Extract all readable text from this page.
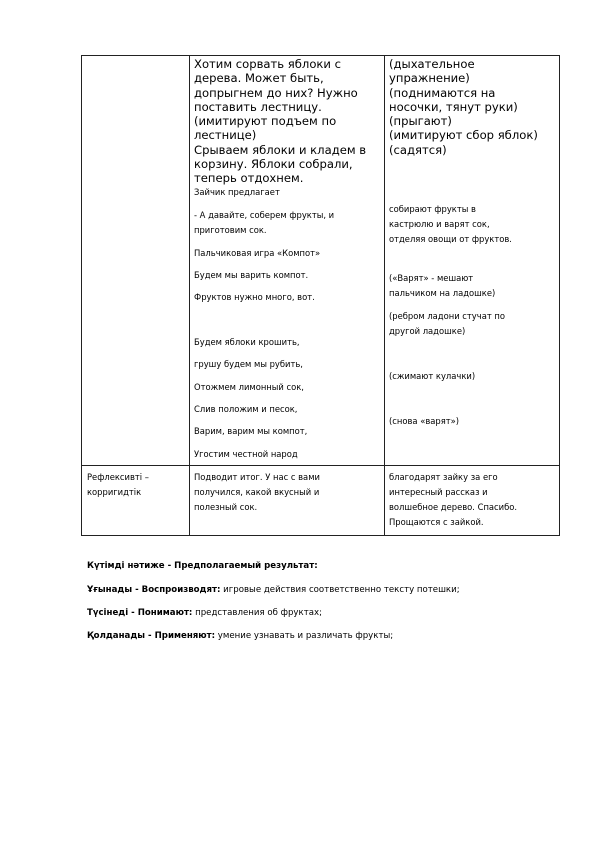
Хотим сорвать яблоки с
дерева. Может быть,
допрыгнем до них? Нужно
поставить лестницу.
(имитируют подъем по
лестнице)
Срываем яблоки и кладем в
корзину. Яблоки собрали,
теперь отдохнем.
Зайчик предлагает
- А давайте, соберем фрукты, и
приготовим сок.
Пальчиковая игра «Компот»
Будем мы варить компот.
Фруктов нужно много, вот.
Будем яблоки крошить,
грушу будем мы рубить,
Отожмем лимонный сок,
Слив положим и песок,
Варим, варим мы компот,
Угостим честной народ
(дыхательное
упражнение)
(поднимаются на
носочки, тянут руки)
(прыгают)
(имитируют сбор яблок)
(садятся)
собирают фрукты в
кастрюлю и варят сок,
отделяя овощи от фруктов.
(«Варят» - мешают
пальчиком на ладошке)
(ребром ладони стучат по
другой ладошке)
(сжимают кулачки)
(снова «варят»)
Рефлексивті –
корригидтік
Подводит итог. У нас с вами
получился, какой вкусный и
полезный сок.
благодарят зайку за его
интересный рассказ и
волшебное дерево. Спасибо.
Прощаются с зайкой.
Күтімді нәтиже - Предполагаемый результат:
Ұғынады - Воспроизводят: игровые действия соответственно тексту потешки;
Түсінеді - Понимают: представления об фруктах;
Қолданады - Применяют: умение узнавать и различать фрукты;
